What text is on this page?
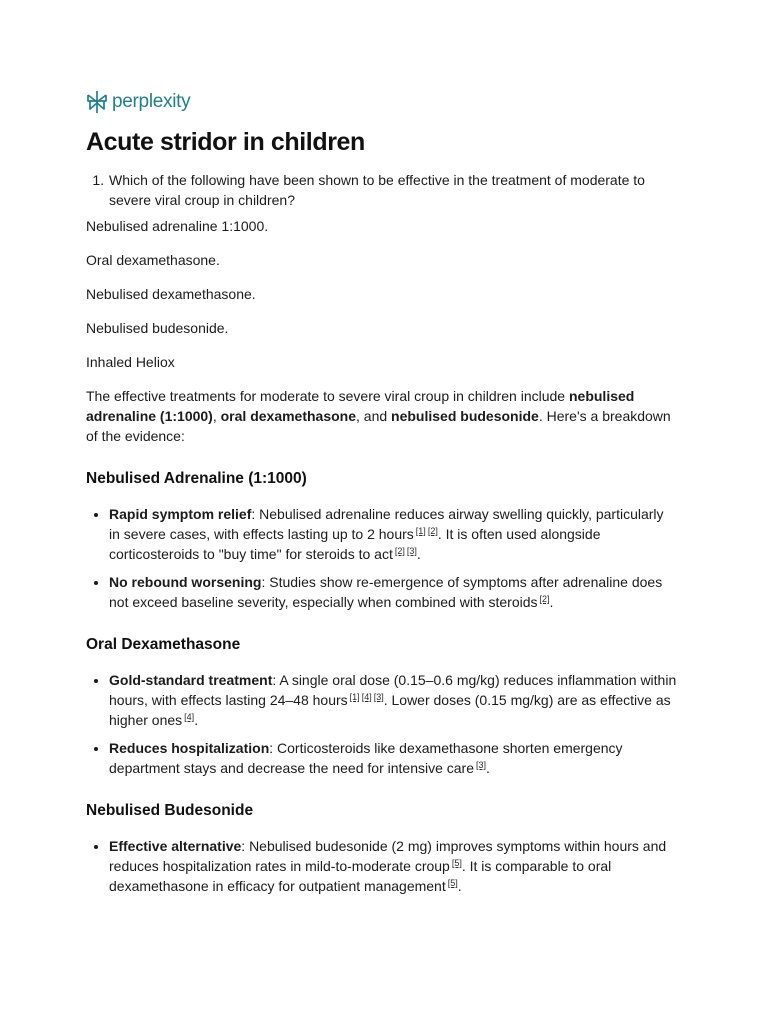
perplexity
Acute stridor in children
1. Which of the following have been shown to be effective in the treatment of moderate to severe viral croup in children?

Nebulised adrenaline 1:1000.

Oral dexamethasone.

Nebulised dexamethasone.

Nebulised budesonide.

Inhaled Heliox

The effective treatments for moderate to severe viral croup in children include nebulised adrenaline (1:1000), oral dexamethasone, and nebulised budesonide. Here's a breakdown of the evidence:

Nebulised Adrenaline (1:1000)
• Rapid symptom relief: Nebulised adrenaline reduces airway swelling quickly, particularly in severe cases, with effects lasting up to 2 hours [1] [2]. It is often used alongside corticosteroids to "buy time" for steroids to act [2] [3].
• No rebound worsening: Studies show re-emergence of symptoms after adrenaline does not exceed baseline severity, especially when combined with steroids [2].
Oral Dexamethasone
• Gold-standard treatment: A single oral dose (0.15–0.6 mg/kg) reduces inflammation within hours, with effects lasting 24–48 hours [1] [4] [3]. Lower doses (0.15 mg/kg) are as effective as higher ones [4].
• Reduces hospitalization: Corticosteroids like dexamethasone shorten emergency department stays and decrease the need for intensive care [3].
Nebulised Budesonide
• Effective alternative: Nebulised budesonide (2 mg) improves symptoms within hours and reduces hospitalization rates in mild-to-moderate croup [5]. It is comparable to oral dexamethasone in efficacy for outpatient management [5].
